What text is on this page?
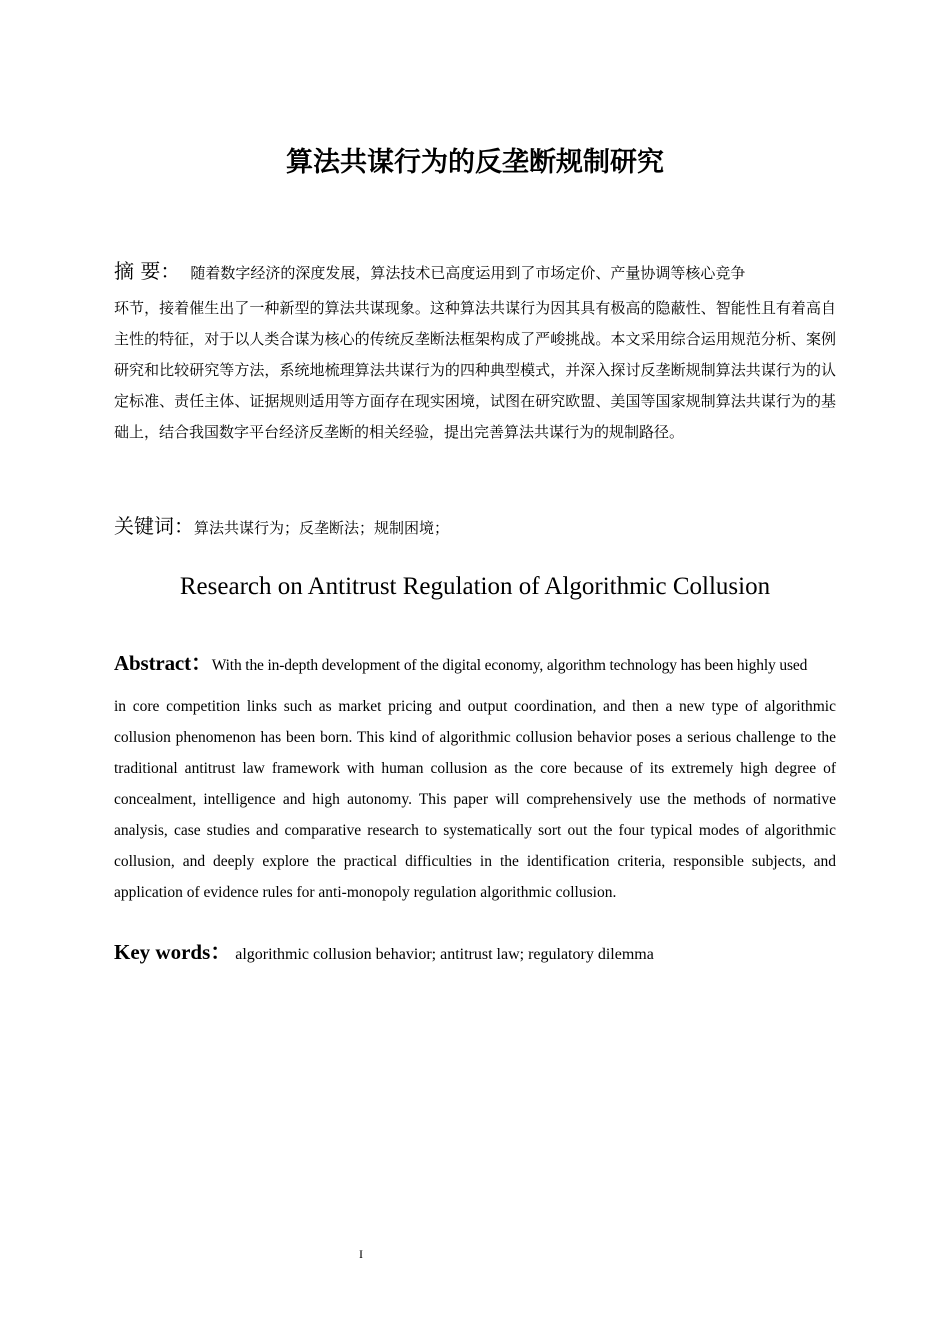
算法共谋行为的反垄断规制研究
摘 要： 随着数字经济的深度发展，算法技术已高度运用到了市场定价、产量协调等核心竞争
环节，接着催生出了一种新型的算法共谋现象。这种算法共谋行为因其具有极高的隐蔽性、智能性且有着高自主性的特征，对于以人类合谋为核心的传统反垄断法框架构成了严峻挑战。本文采用综合运用规范分析、案例研究和比较研究等方法，系统地梳理算法共谋行为的四种典型模式，并深入探讨反垄断规制算法共谋行为的认定标准、责任主体、证据规则适用等方面存在现实困境，试图在研究欧盟、美国等国家规制算法共谋行为的基础上，结合我国数字平台经济反垄断的相关经验，提出完善算法共谋行为的规制路径。
关键词：算法共谋行为；反垄断法；规制困境；
Research on Antitrust Regulation of Algorithmic Collusion
Abstract：With the in-depth development of the digital economy, algorithm technology has been highly used
in core competition links such as market pricing and output coordination, and then a new type of algorithmic collusion phenomenon has been born. This kind of algorithmic collusion behavior poses a serious challenge to the traditional antitrust law framework with human collusion as the core because of its extremely high degree of concealment, intelligence and high autonomy. This paper will comprehensively use the methods of normative analysis, case studies and comparative research to systematically sort out the four typical modes of algorithmic collusion, and deeply explore the practical difficulties in the identification criteria, responsible subjects, and application of evidence rules for anti-monopoly regulation algorithmic collusion.
Key words： algorithmic collusion behavior; antitrust law; regulatory dilemma
I
